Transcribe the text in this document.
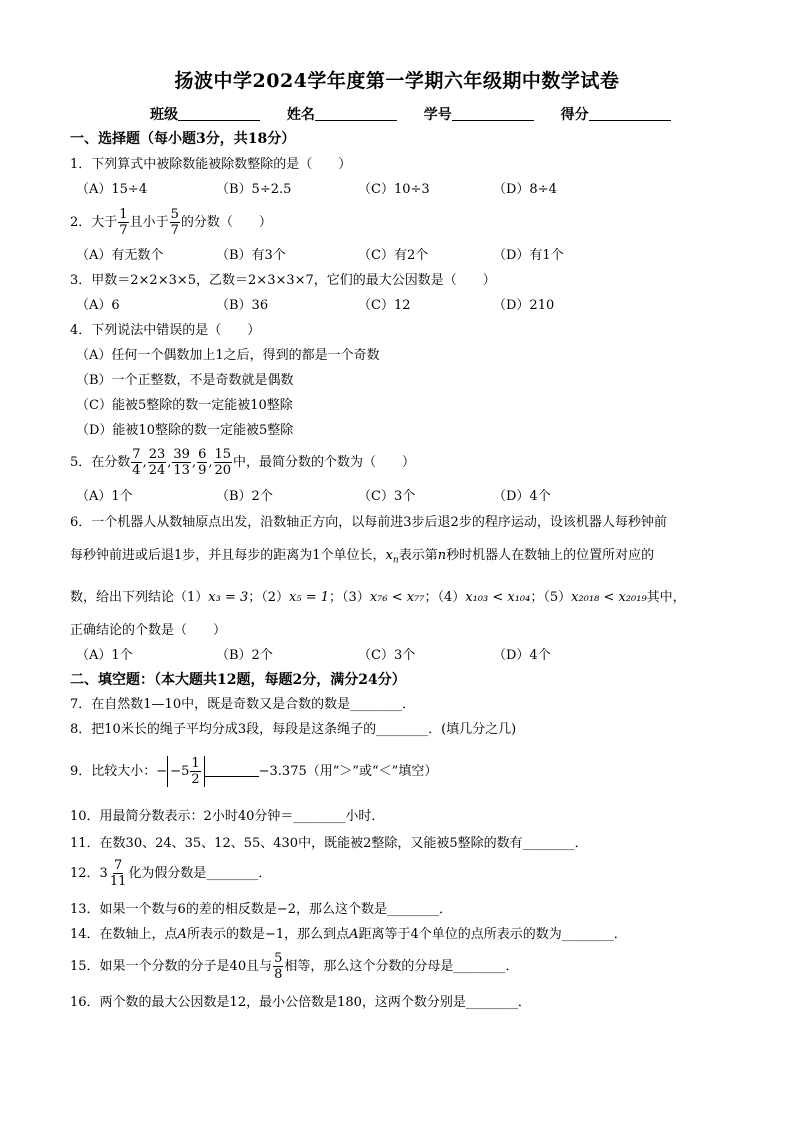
扬波中学2024学年度第一学期六年级期中数学试卷
班级	姓名	学号	得分
一、选择题（每小题3分，共18分）
1．下列算式中被除数能被除数整除的是（　　）
（A）15÷4	（B）5÷2.5	（C）10÷3	（D）8÷4
2．大于 $\frac{1}{7}$ 且小于 $\frac{5}{7}$ 的分数（　　）
（A）有无数个	（B）有3个	（C）有2个	（D）有1个
3．甲数＝2×2×3×5，乙数＝2×3×3×7，它们的最大公因数是（　　）
（A）6	（B）36	（C）12	（D）210
4．下列说法中错误的是（　　）
（A）任何一个偶数加上1之后，得到的都是一个奇数
（B）一个正整数，不是奇数就是偶数
（C）能被5整除的数一定能被10整除
（D）能被10整除的数一定能被5整除
5．在分数 $\frac{7}{4}$ , $\frac{23}{24}$ , $\frac{39}{13}$ , $\frac{6}{9}$ , $\frac{15}{20}$ 中，最简分数的个数为（　　）
（A）1个	（B）2个	（C）3个	（D）4个
6．一个机器人从数轴原点出发，沿数轴正方向，以每前进3步后退2步的程序运动，设该机器人每秒钟前
每秒钟前进或后退1步，并且每步的距离为1个单位长，$x_n$表示第n秒时机器人在数轴上的位置所对应的
数，给出下列结论（1）x₃ = 3；（2）x₅ = 1；（3）x₇₆ < x₇₇；（4）x₁₀₃ < x₁₀₄；（5）x₂₀₁₈ < x₂₀₁₉其中，
正确结论的个数是（　　）
（A）1个	（B）2个	（C）3个	（D）4个
二、填空题：（本大题共12题，每题2分，满分24分）
7．在自然数1—10中，既是奇数又是合数的数是________．
8．把10米长的绳子平均分成3段，每段是这条绳子的________．(填几分之几)
9．比较大小：− $-5 \frac{1}{2}$	−3.375（用“＞”或“＜”填空）
10．用最简分数表示：2小时40分钟＝________小时．
11．在数30、24、35、12、55、430中，既能被2整除，又能被5整除的数有________．
12．$3 \frac{7}{11}$ 化为假分数是________．
13．如果一个数与6的差的相反数是−2，那么这个数是________．
14．在数轴上，点A所表示的数是−1，那么到点A距离等于4个单位的点所表示的数为________．
15．如果一个分数的分子是40且与 $\frac{5}{8}$ 相等，那么这个分数的分母是________．
16．两个数的最大公因数是12，最小公倍数是180，这两个数分别是________．
